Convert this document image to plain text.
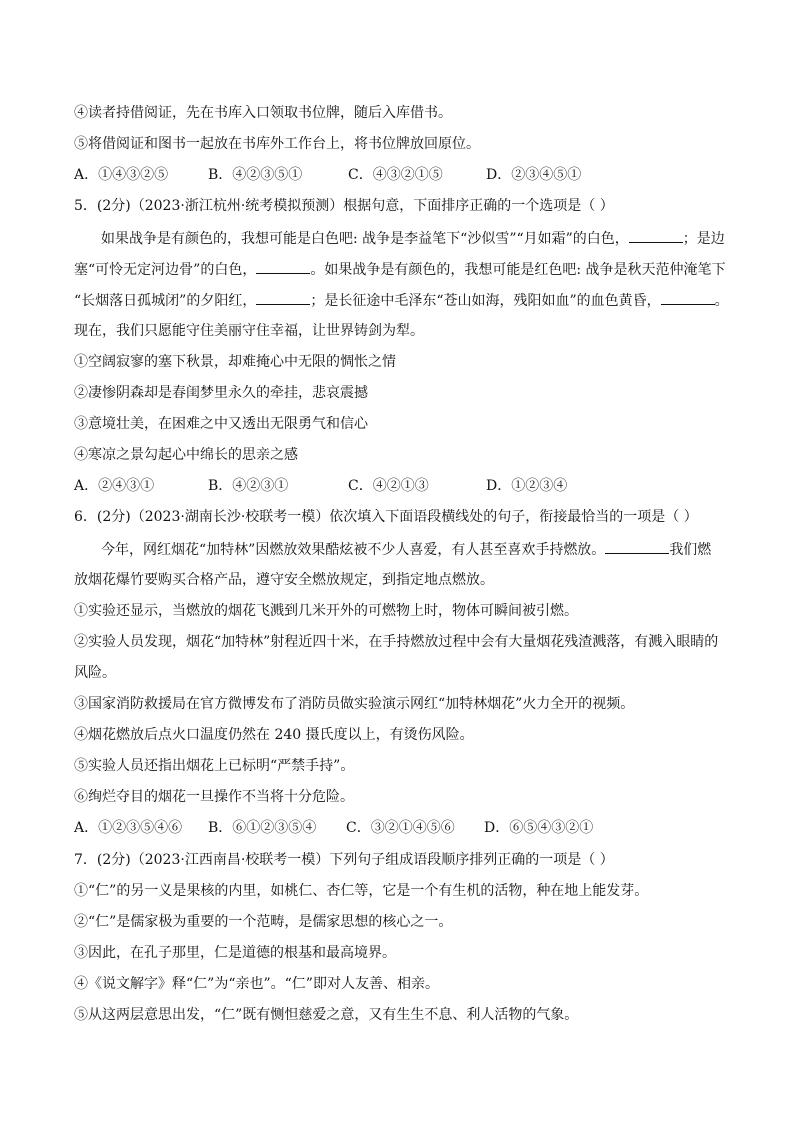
④读者持借阅证，先在书库入口领取书位牌，随后入库借书。
⑤将借阅证和图书一起放在书库外工作台上，将书位牌放回原位。
A．①④③②⑤	B．④②③⑤①	C．④③②①⑤	D．②③④⑤①
5．(2分)（2023·浙江杭州·统考模拟预测）根据句意，下面排序正确的一个选项是（ ）
如果战争是有颜色的，我想可能是白色吧: 战争是李益笔下“沙似雪”“月如霜”的白色，	；是边
塞“可怜无定河边骨”的白色，	。如果战争是有颜色的，我想可能是红色吧: 战争是秋天范仲淹笔下
“长烟落日孤城闭”的夕阳红，	；是长征途中毛泽东“苍山如海，残阳如血”的血色黄昏，	。
现在，我们只愿能守住美丽守住幸福，让世界铸剑为犁。
①空阔寂寥的塞下秋景，却难掩心中无限的惆怅之情
②凄惨阴森却是春闺梦里永久的牵挂，悲哀震撼
③意境壮美，在困难之中又透出无限勇气和信心
④寒凉之景勾起心中绵长的思亲之感
A．②④③①	B．④②③①	C．④②①③	D．①②③④
6．(2分)（2023·湖南长沙·校联考一模）依次填入下面语段横线处的句子，衔接最恰当的一项是（ ）
今年，网红烟花“加特林”因燃放效果酷炫被不少人喜爱，有人甚至喜欢手持燃放。	我们燃
放烟花爆竹要购买合格产品，遵守安全燃放规定，到指定地点燃放。
①实验还显示，当燃放的烟花飞溅到几米开外的可燃物上时，物体可瞬间被引燃。
②实验人员发现，烟花“加特林”射程近四十米，在手持燃放过程中会有大量烟花残渣溅落，有溅入眼睛的
风险。
③国家消防救援局在官方微博发布了消防员做实验演示网红“加特林烟花”火力全开的视频。
④烟花燃放后点火口温度仍然在 240 摄氏度以上，有烫伤风险。
⑤实验人员还指出烟花上已标明“严禁手持”。
⑥绚烂夺目的烟花一旦操作不当将十分危险。
A．①②③⑤④⑥ B．⑥①②③⑤④ C．③②①④⑤⑥ D．⑥⑤④③②①
7．(2分)（2023·江西南昌·校联考一模）下列句子组成语段顺序排列正确的一项是（ ）
①“仁”的另一义是果核的内里，如桃仁、杏仁等，它是一个有生机的活物，种在地上能发芽。
②“仁”是儒家极为重要的一个范畴，是儒家思想的核心之一。
③因此，在孔子那里，仁是道德的根基和最高境界。
④《说文解字》释“仁”为“亲也”。“仁”即对人友善、相亲。
⑤从这两层意思出发，“仁”既有恻怛慈爱之意，又有生生不息、利人活物的气象。
